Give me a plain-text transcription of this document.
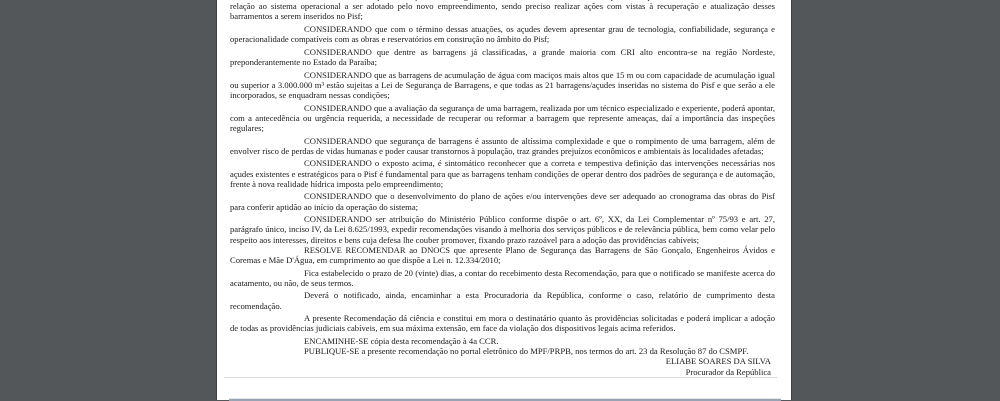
relação ao sistema operacional a ser adotado pelo novo empreendimento, sendo preciso realizar ações com vistas à recuperação e atualização desses barramentos a serem inseridos no Pisf;

CONSIDERANDO que com o término dessas atuações, os açudes devem apresentar grau de tecnologia, confiabilidade, segurança e operacionalidade compatíveis com as obras e reservatórios em construção no âmbito do Pisf;

CONSIDERANDO que dentre as barragens já classificadas, a grande maioria com CRI alto encontra-se na região Nordeste, preponderantemente no Estado da Paraíba;

CONSIDERANDO que as barragens de acumulação de água com maciços mais altos que 15 m ou com capacidade de acumulação igual ou superior a 3.000.000 m³ estão sujeitas a Lei de Segurança de Barragens, e que todas as 21 barragens/açudes inseridas no sistema do Pisf e que serão a ele incorporados, se enquadram nessas condições;

CONSIDERANDO que a avaliação da segurança de uma barragem, realizada por um técnico especializado e experiente, poderá apontar, com a antecedência ou urgência requerida, a necessidade de recuperar ou reformar a barragem que represente ameaças, daí a importância das inspeções regulares;

CONSIDERANDO que segurança de barragens é assunto de altíssima complexidade e que o rompimento de uma barragem, além de envolver risco de perdas de vidas humanas e poder causar transtornos à população, traz grandes prejuízos econômicos e ambientais às localidades afetadas;

CONSIDERANDO o exposto acima, é sintomático reconhecer que a correta e tempestiva definição das intervenções necessárias nos açudes existentes e estratégicos para o Pisf é fundamental para que as barragens tenham condições de operar dentro dos padrões de segurança e de automação, frente à nova realidade hídrica imposta pelo empreendimento;

CONSIDERANDO que o desenvolvimento do plano de ações e/ou intervenções deve ser adequado ao cronograma das obras do Pisf para conferir aptidão ao início da operação do sistema;

CONSIDERANDO ser atribuição do Ministério Público conforme dispõe o art. 6º, XX, da Lei Complementar nº 75/93 e art. 27, parágrafo único, inciso IV, da Lei 8.625/1993, expedir recomendações visando à melhoria dos serviços públicos e de relevância pública, bem como velar pelo respeito aos interesses, direitos e bens cuja defesa lhe couber promover, fixando prazo razoável para a adoção das providências cabíveis;

RESOLVE RECOMENDAR ao DNOCS que apresente Plano de Segurança das Barragens de São Gonçalo, Engenheiros Ávidos e Coremas e Mãe D'Água, em cumprimento ao que dispõe a Lei n. 12.334/2010;

Fica estabelecido o prazo de 20 (vinte) dias, a contar do recebimento desta Recomendação, para que o notificado se manifeste acerca do acatamento, ou não, de seus termos.

Deverá o notificado, ainda, encaminhar a esta Procuradoria da República, conforme o caso, relatório de cumprimento desta recomendação.

A presente Recomendação dá ciência e constitui em mora o destinatário quanto às providências solicitadas e poderá implicar a adoção de todas as providências judiciais cabíveis, em sua máxima extensão, em face da violação dos dispositivos legais acima referidos.

ENCAMINHE-SE cópia desta recomendação à 4a CCR.

PUBLIQUE-SE a presente recomendação no portal eletrônico do MPF/PRPB, nos termos do art. 23 da Resolução 87 do CSMPF.

ELIABE SOARES DA SILVA
Procurador da República
